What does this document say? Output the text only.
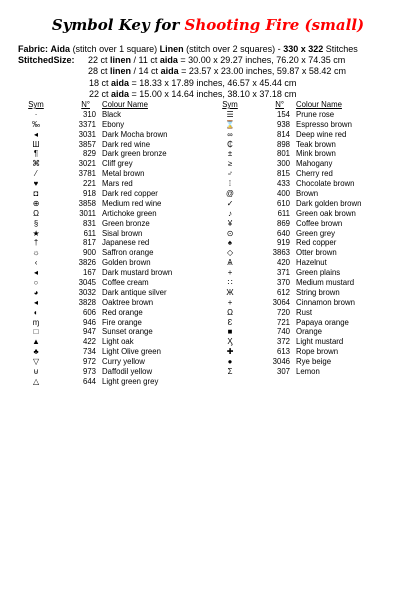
Symbol Key for Shooting Fire (small)
Fabric: Aida (stitch over 1 square) Linen (stitch over 2 squares) - 330 x 322 Stitches
StitchedSize: 22 ct linen / 11 ct aida = 30.00 x 29.27 inches, 76.20 x 74.35 cm
28 ct linen / 14 ct aida = 23.57 x 23.00 inches, 59.87 x 58.42 cm
18 ct aida = 18.33 x 17.89 inches, 46.57 x 45.44 cm
22 ct aida = 15.00 x 14.64 inches, 38.10 x 37.18 cm
Sym	N°	Colour Name
·	310 Black
‰	3371 Ebony
◂	3031 Dark Mocha brown
Ш	3857 Dark red wine
¶	829 Dark green bronze
⌘	3021 Cliff grey
⁄	3781 Metal brown
♥	221 Mars red
◘	918 Dark red copper
⊕	3858 Medium red wine
Ω	3011 Artichoke green
§	831 Green bronze
★	611 Sisal brown
†	817 Japanese red
☼	900 Saffron orange
‹	3826 Golden brown
◂	167 Dark mustard brown
○	3045 Coffee cream
◕	3032 Dark antique silver
◂	3828 Oaktree brown
◐	606 Red orange
ɱ	946 Fire orange
□	947 Sunset orange
▲	422 Light oak
♣	734 Light Olive green
▽	972 Curry yellow
⊍	973 Daffodil yellow
△	644 Light green grey
Sym	N°	Colour Name
☰	154 Prune rose
⌛	938 Espresso brown
∞	814 Deep wine red
₵	898 Teak brown
±	801 Mink brown
≥	300 Mahogany
♂	815 Cherry red
⁞	433 Chocolate brown
@	400 Brown
✓	610 Dark golden brown
♪	611 Green oak brown
¥	869 Coffee brown
⊙	640 Green grey
♠	919 Red copper
◇	3863 Otter brown
Ѧ	420 Hazelnut
+	371 Green plains
∷	370 Medium mustard
Ж	612 String brown
+	3064 Cinnamon brown
Ω	720 Rust
Ɛ	721 Papaya orange
■	740 Orange
Ӽ	372 Light mustard
✚	613 Rope brown
●	3046 Rye beige
Σ	307 Lemon
